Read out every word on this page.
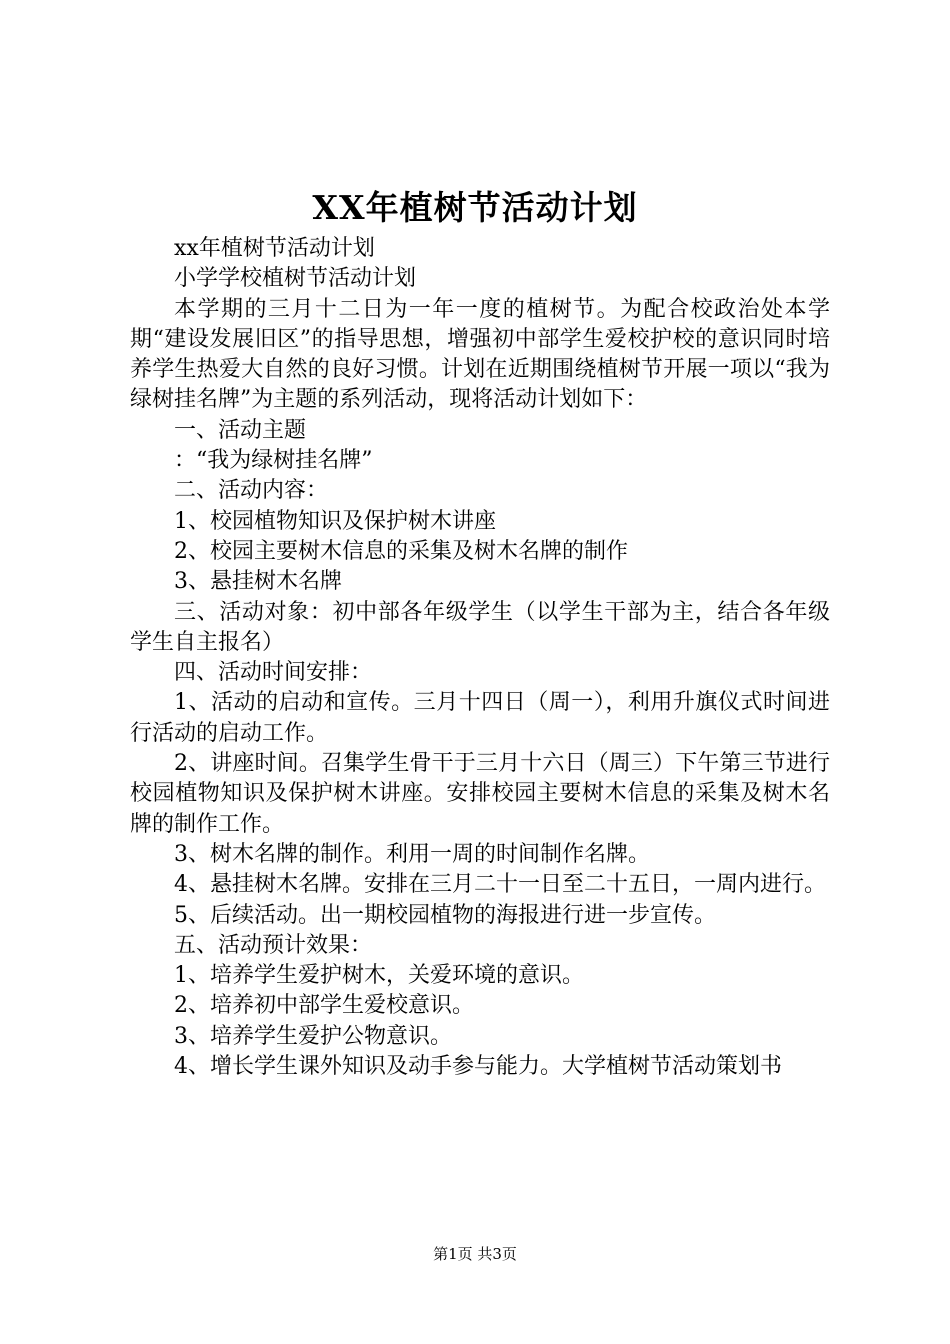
XX年植树节活动计划

xx年植树节活动计划

小学学校植树节活动计划

本学期的三月十二日为一年一度的植树节。为配合校政治处本学期“建设发展旧区”的指导思想，增强初中部学生爱校护校的意识同时培养学生热爱大自然的良好习惯。计划在近期围绕植树节开展一项以“我为绿树挂名牌”为主题的系列活动，现将活动计划如下：

一、活动主题

：“我为绿树挂名牌”

二、活动内容：

1、校园植物知识及保护树木讲座

2、校园主要树木信息的采集及树木名牌的制作

3、悬挂树木名牌

三、活动对象：初中部各年级学生（以学生干部为主，结合各年级学生自主报名）

四、活动时间安排：

1、活动的启动和宣传。三月十四日（周一），利用升旗仪式时间进行活动的启动工作。

2、讲座时间。召集学生骨干于三月十六日（周三）下午第三节进行校园植物知识及保护树木讲座。安排校园主要树木信息的采集及树木名牌的制作工作。

3、树木名牌的制作。利用一周的时间制作名牌。

4、悬挂树木名牌。安排在三月二十一日至二十五日，一周内进行。

5、后续活动。出一期校园植物的海报进行进一步宣传。

五、活动预计效果：

1、培养学生爱护树木，关爱环境的意识。

2、培养初中部学生爱校意识。

3、培养学生爱护公物意识。

4、增长学生课外知识及动手参与能力。大学植树节活动策划书

第1页 共3页
